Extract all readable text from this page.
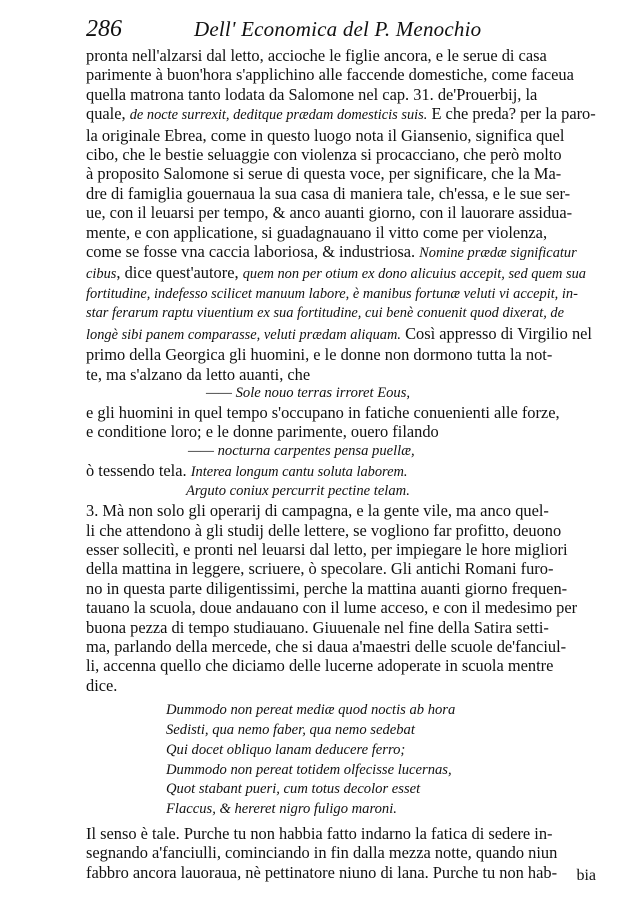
286	Dell' Economica del P. Menochio
pronta nell'alzarsi dal letto, accioche le figlie ancora, e le serue di casa
parimente à buon'hora s'applichino alle faccende domestiche, come faceua
quella matrona tanto lodata da Salomone nel cap. 31. de'Prouerbij, la
quale, de nocte surrexit, deditque prædam domesticis suis. E che preda? per la paro-
la originale Ebrea, come in questo luogo nota il Giansenio, significa quel
cibo, che le bestie seluaggie con violenza si procacciano, che però molto
à proposito Salomone si serue di questa voce, per significare, che la Ma-
dre di famiglia gouernaua la sua casa di maniera tale, ch'essa, e le sue ser-
ue, con il leuarsi per tempo, & anco auanti giorno, con il lauorare assidua-
mente, e con applicatione, si guadagnauano il vitto come per violenza,
come se fosse vna caccia laboriosa, & industriosa. Nomine prædæ significatur
cibus, dice quest'autore, quem non per otium ex dono alicuius accepit, sed quem sua
fortitudine, indefesso scilicet manuum labore, è manibus fortunæ veluti vi accepit, in-
star ferarum raptu viuentium ex sua fortitudine, cui benè conuenit quod dixerat, de
longè sibi panem comparasse, veluti prædam aliquam. Così appresso di Virgilio nel
primo della Georgica gli huomini, e le donne non dormono tutta la not-
te, ma s'alzano da letto auanti, che
—— Sole nouo terras irroret Eous,
e gli huomini in quel tempo s'occupano in fatiche conuenienti alle forze,
e conditione loro; e le donne parimente, ouero filando
—— nocturna carpentes pensa puellæ,
ò tessendo tela. Interea longum cantu soluta laborem.
Arguto coniux percurrit pectine telam.
3. Mà non solo gli operarij di campagna, e la gente vile, ma anco quel-
li che attendono à gli studij delle lettere, se vogliono far profitto, deuono
esser sollecitì, e pronti nel leuarsi dal letto, per impiegare le hore migliori
della mattina in leggere, scriuere, ò specolare. Gli antichi Romani furo-
no in questa parte diligentissimi, perche la mattina auanti giorno frequen-
tauano la scuola, doue andauano con il lume acceso, e con il medesimo per
buona pezza di tempo studiauano. Giuuenale nel fine della Satira setti-
ma, parlando della mercede, che si daua a'maestri delle scuole de'fanciul-
li, accenna quello che diciamo delle lucerne adoperate in scuola mentre
dice.
Dummodo non pereat mediæ quod noctis ab hora
Sedisti, qua nemo faber, qua nemo sedebat
Qui docet obliquo lanam deducere ferro;
Dummodo non pereat totidem olfecisse lucernas,
Quot stabant pueri, cum totus decolor esset
Flaccus, & hereret nigro fuligo maroni.
Il senso è tale. Purche tu non habbia fatto indarno la fatica di sedere in-
segnando a'fanciulli, cominciando in fin dalla mezza notte, quando niun
fabbro ancora lauoraua, nè pettinatore niuno di lana. Purche tu non hab-	bia
